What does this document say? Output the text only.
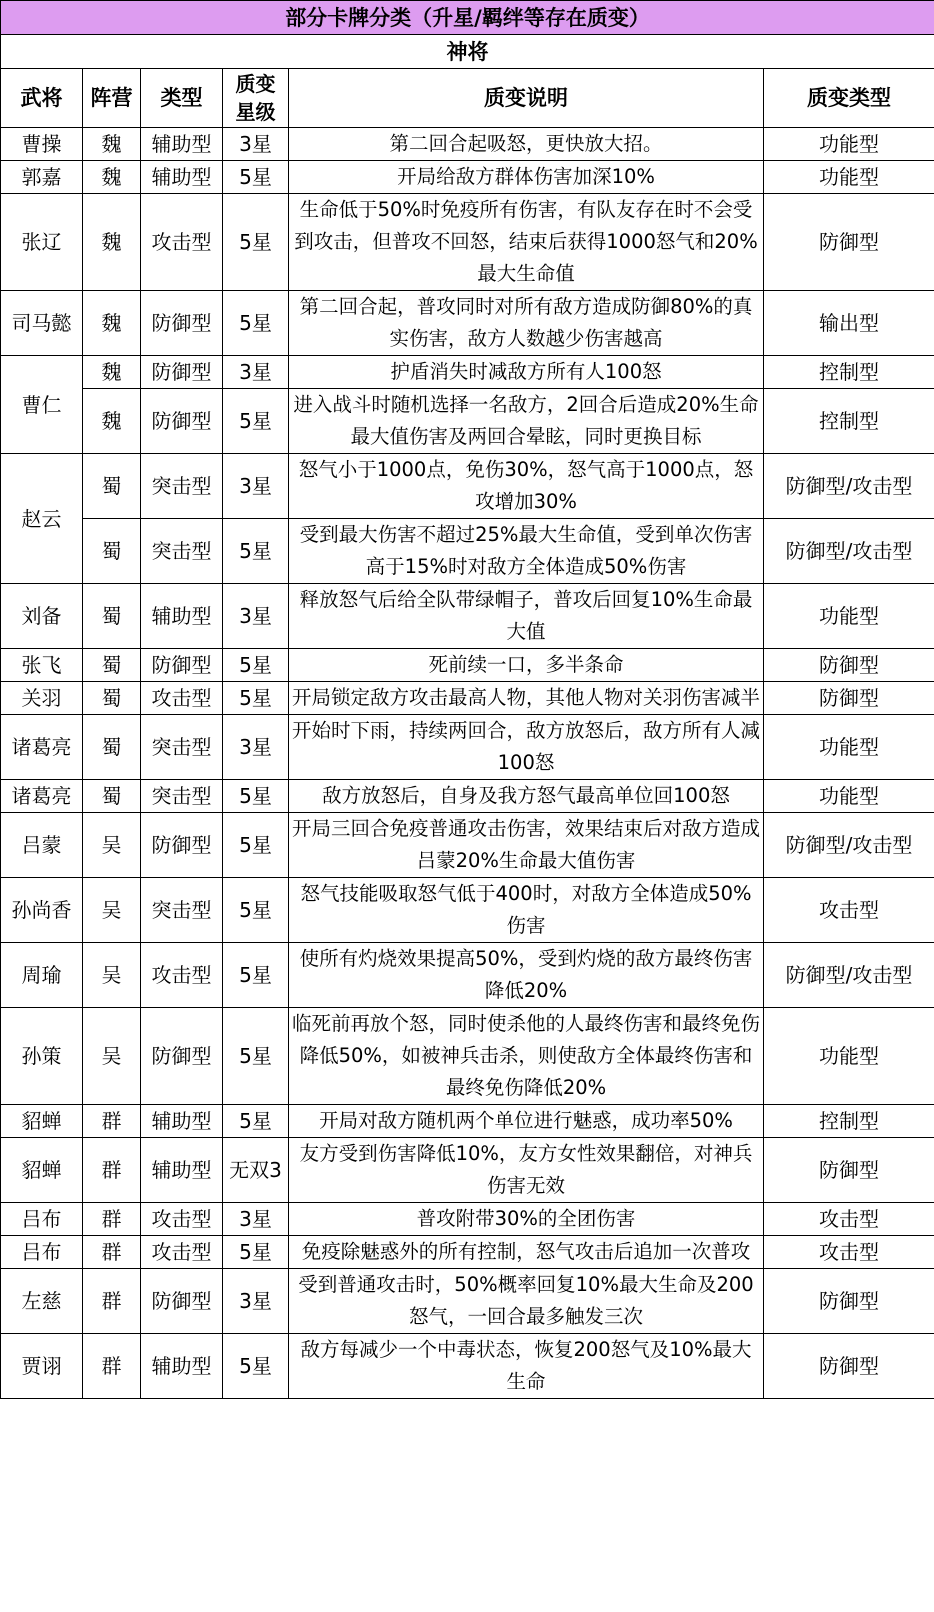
部分卡牌分类（升星/羁绊等存在质变）					
神将					
武将	阵营	类型	质变星级	质变说明	质变类型
曹操	魏	辅助型	3星	第二回合起吸怒，更快放大招。	功能型
郭嘉	魏	辅助型	5星	开局给敌方群体伤害加深10%	功能型
张辽	魏	攻击型	5星	生命低于50%时免疫所有伤害，有队友存在时不会受到攻击，但普攻不回怒，结束后获得1000怒气和20%最大生命值	防御型
司马懿	魏	防御型	5星	第二回合起，普攻同时对所有敌方造成防御80%的真实伤害，敌方人数越少伤害越高	输出型
曹仁	魏	防御型	3星	护盾消失时减敌方所有人100怒	控制型
	魏	防御型	5星	进入战斗时随机选择一名敌方，2回合后造成20%生命最大值伤害及两回合晕眩，同时更换目标	控制型
赵云	蜀	突击型	3星	怒气小于1000点，免伤30%，怒气高于1000点，怒攻增加30%	防御型/攻击型
	蜀	突击型	5星	受到最大伤害不超过25%最大生命值，受到单次伤害高于15%时对敌方全体造成50%伤害	防御型/攻击型
刘备	蜀	辅助型	3星	释放怒气后给全队带绿帽子，普攻后回复10%生命最大值	功能型
张飞	蜀	防御型	5星	死前续一口，多半条命	防御型
关羽	蜀	攻击型	5星	开局锁定敌方攻击最高人物，其他人物对关羽伤害减半	防御型
诸葛亮	蜀	突击型	3星	开始时下雨，持续两回合，敌方放怒后，敌方所有人减100怒	功能型
诸葛亮	蜀	突击型	5星	敌方放怒后，自身及我方怒气最高单位回100怒	功能型
吕蒙	吴	防御型	5星	开局三回合免疫普通攻击伤害，效果结束后对敌方造成吕蒙20%生命最大值伤害	防御型/攻击型
孙尚香	吴	突击型	5星	怒气技能吸取怒气低于400时，对敌方全体造成50%伤害	攻击型
周瑜	吴	攻击型	5星	使所有灼烧效果提高50%，受到灼烧的敌方最终伤害降低20%	防御型/攻击型
孙策	吴	防御型	5星	临死前再放个怒，同时使杀他的人最终伤害和最终免伤降低50%，如被神兵击杀，则使敌方全体最终伤害和最终免伤降低20%	功能型
貂蝉	群	辅助型	5星	开局对敌方随机两个单位进行魅惑，成功率50%	控制型
貂蝉	群	辅助型	无双3	友方受到伤害降低10%，友方女性效果翻倍，对神兵伤害无效	防御型
吕布	群	攻击型	3星	普攻附带30%的全团伤害	攻击型
吕布	群	攻击型	5星	免疫除魅惑外的所有控制，怒气攻击后追加一次普攻	攻击型
左慈	群	防御型	3星	受到普通攻击时，50%概率回复10%最大生命及200怒气，一回合最多触发三次	防御型
贾诩	群	辅助型	5星	敌方每减少一个中毒状态，恢复200怒气及10%最大生命	防御型
